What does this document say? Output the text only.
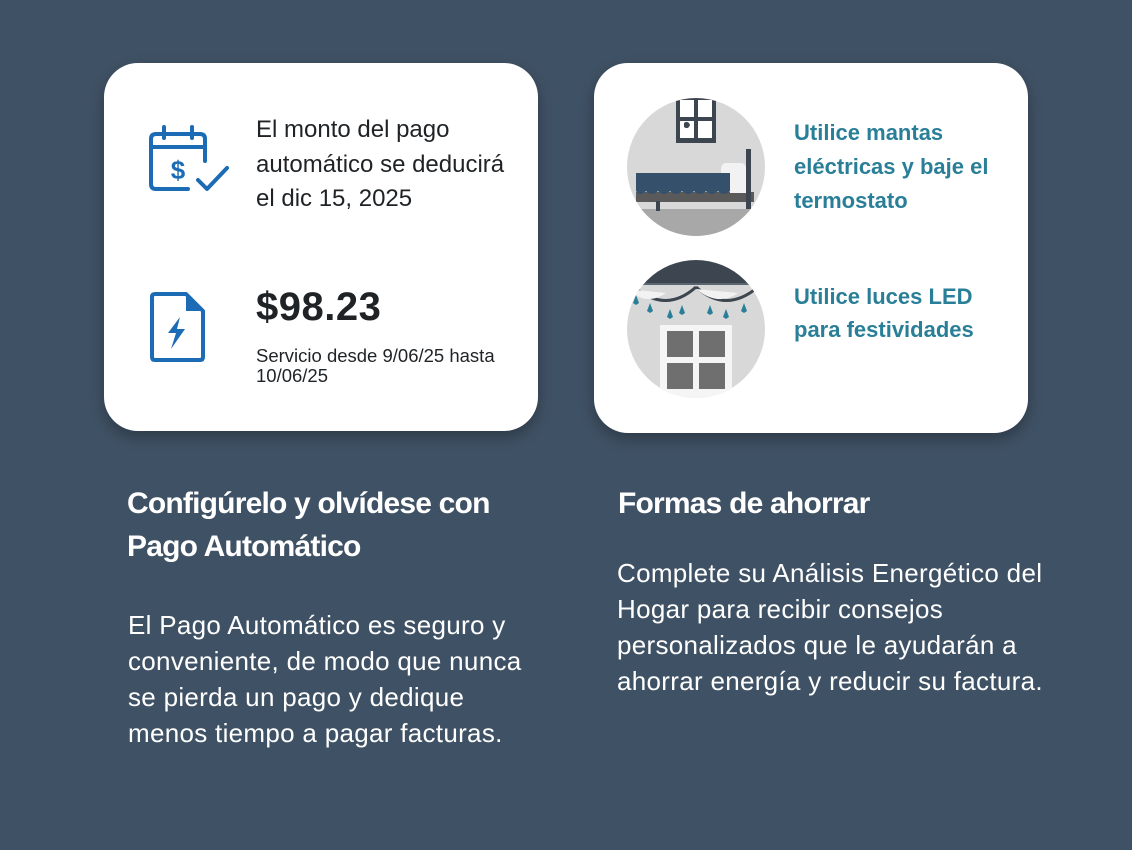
$
El monto del pago automático se deducirá el dic 15, 2025
$98.23
Servicio desde 9/06/25 hasta 10/06/25
Utilice mantas eléctricas y baje el termostato
Utilice luces LED para festividades
Configúrelo y olvídese con Pago Automático
El Pago Automático es seguro y conveniente, de modo que nunca se pierda un pago y dedique menos tiempo a pagar facturas.
Formas de ahorrar
Complete su Análisis Energético del Hogar para recibir consejos personalizados que le ayudarán a ahorrar energía y reducir su factura.
